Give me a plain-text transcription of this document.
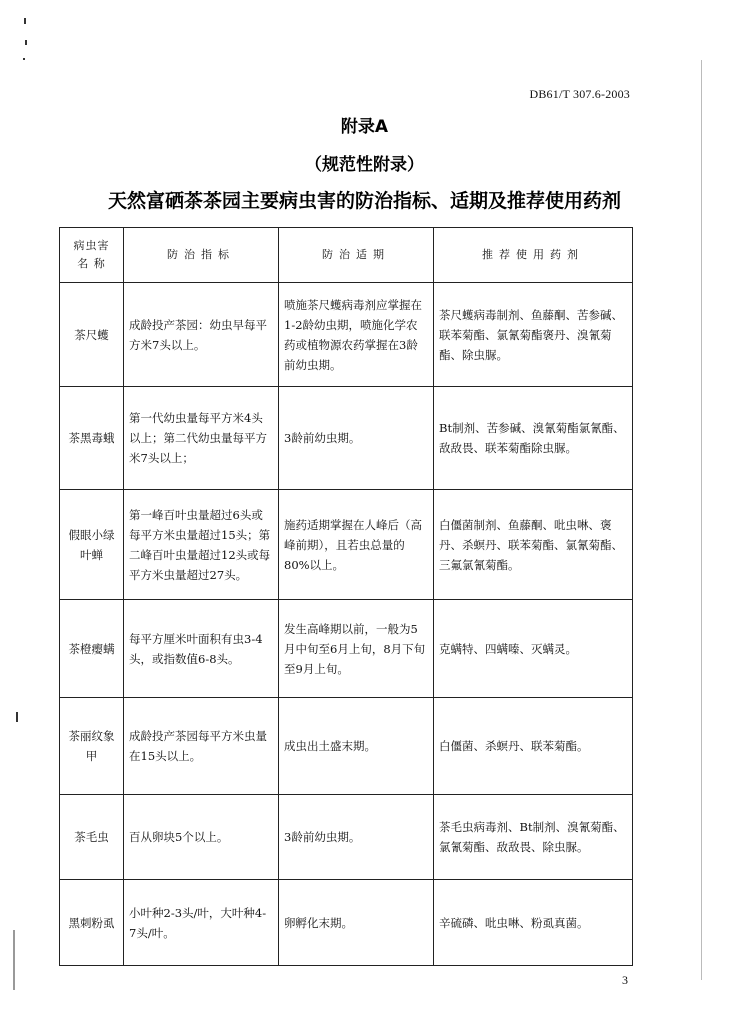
DB61/T 307.6-2003
附录A
（规范性附录）
天然富硒茶茶园主要病虫害的防治指标、适期及推荐使用药剂
病虫害
名 称	防治指标	防治适期	推荐使用药剂
茶尺蠖	成龄投产茶园：幼虫早每平方米7头以上。	喷施茶尺蠖病毒剂应掌握在1-2龄幼虫期，喷施化学农药或植物源农药掌握在3龄前幼虫期。	茶尺蠖病毒制剂、鱼藤酮、苦参碱、联苯菊酯、氯氰菊酯褒丹、溴氰菊酯、除虫脲。
茶黑毒蛾	第一代幼虫量每平方米4头以上；第二代幼虫量每平方米7头以上；	3龄前幼虫期。	Bt制剂、苦参碱、溴氰菊酯氯氰酯、敌敌畏、联苯菊酯除虫脲。
假眼小绿叶蝉	第一峰百叶虫量超过6头或每平方米虫量超过15头；第二峰百叶虫量超过12头或每平方米虫量超过27头。	施药适期掌握在人峰后（高峰前期），且若虫总量的80%以上。	白僵菌制剂、鱼藤酮、吡虫啉、褒丹、杀螟丹、联苯菊酯、氯氰菊酯、三氟氯氰菊酯。
茶橙瘿螨	每平方厘米叶面积有虫3-4头，或指数值6-8头。	发生高峰期以前，一般为5月中旬至6月上旬，8月下旬至9月上旬。	克螨特、四螨嗪、灭螨灵。
茶丽纹象甲	成龄投产茶园每平方米虫量在15头以上。	成虫出土盛末期。	白僵菌、杀螟丹、联苯菊酯。
茶毛虫	百从卵块5个以上。	3龄前幼虫期。	茶毛虫病毒剂、Bt制剂、溴氰菊酯、氯氰菊酯、敌敌畏、除虫脲。
黑刺粉虱	小叶种2-3头/叶，大叶种4-7头/叶。	卵孵化末期。	辛硫磷、吡虫啉、粉虱真菌。
3
